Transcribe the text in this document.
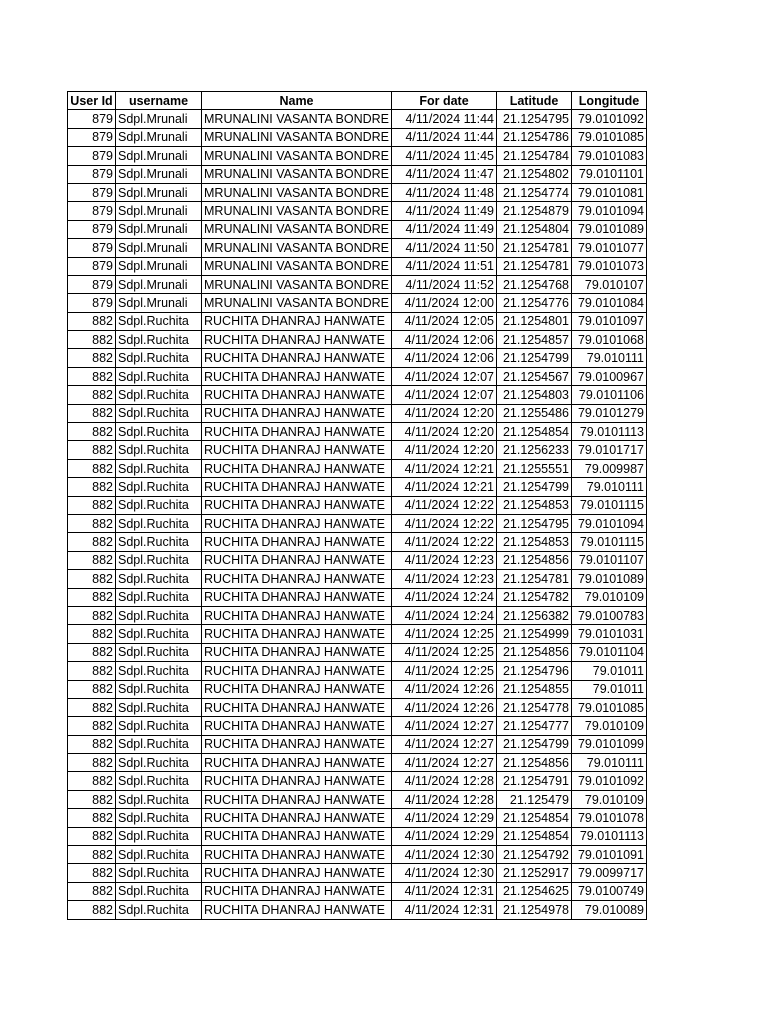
User Id	username	Name	For date	Latitude	Longitude
879	Sdpl.Mrunali	MRUNALINI VASANTA BONDRE	4/11/2024 11:44	21.1254795	79.0101092
879	Sdpl.Mrunali	MRUNALINI VASANTA BONDRE	4/11/2024 11:44	21.1254786	79.0101085
879	Sdpl.Mrunali	MRUNALINI VASANTA BONDRE	4/11/2024 11:45	21.1254784	79.0101083
879	Sdpl.Mrunali	MRUNALINI VASANTA BONDRE	4/11/2024 11:47	21.1254802	79.0101101
879	Sdpl.Mrunali	MRUNALINI VASANTA BONDRE	4/11/2024 11:48	21.1254774	79.0101081
879	Sdpl.Mrunali	MRUNALINI VASANTA BONDRE	4/11/2024 11:49	21.1254879	79.0101094
879	Sdpl.Mrunali	MRUNALINI VASANTA BONDRE	4/11/2024 11:49	21.1254804	79.0101089
879	Sdpl.Mrunali	MRUNALINI VASANTA BONDRE	4/11/2024 11:50	21.1254781	79.0101077
879	Sdpl.Mrunali	MRUNALINI VASANTA BONDRE	4/11/2024 11:51	21.1254781	79.0101073
879	Sdpl.Mrunali	MRUNALINI VASANTA BONDRE	4/11/2024 11:52	21.1254768	79.010107
879	Sdpl.Mrunali	MRUNALINI VASANTA BONDRE	4/11/2024 12:00	21.1254776	79.0101084
882	Sdpl.Ruchita	RUCHITA DHANRAJ HANWATE	4/11/2024 12:05	21.1254801	79.0101097
882	Sdpl.Ruchita	RUCHITA DHANRAJ HANWATE	4/11/2024 12:06	21.1254857	79.0101068
882	Sdpl.Ruchita	RUCHITA DHANRAJ HANWATE	4/11/2024 12:06	21.1254799	79.010111
882	Sdpl.Ruchita	RUCHITA DHANRAJ HANWATE	4/11/2024 12:07	21.1254567	79.0100967
882	Sdpl.Ruchita	RUCHITA DHANRAJ HANWATE	4/11/2024 12:07	21.1254803	79.0101106
882	Sdpl.Ruchita	RUCHITA DHANRAJ HANWATE	4/11/2024 12:20	21.1255486	79.0101279
882	Sdpl.Ruchita	RUCHITA DHANRAJ HANWATE	4/11/2024 12:20	21.1254854	79.0101113
882	Sdpl.Ruchita	RUCHITA DHANRAJ HANWATE	4/11/2024 12:20	21.1256233	79.0101717
882	Sdpl.Ruchita	RUCHITA DHANRAJ HANWATE	4/11/2024 12:21	21.1255551	79.009987
882	Sdpl.Ruchita	RUCHITA DHANRAJ HANWATE	4/11/2024 12:21	21.1254799	79.010111
882	Sdpl.Ruchita	RUCHITA DHANRAJ HANWATE	4/11/2024 12:22	21.1254853	79.0101115
882	Sdpl.Ruchita	RUCHITA DHANRAJ HANWATE	4/11/2024 12:22	21.1254795	79.0101094
882	Sdpl.Ruchita	RUCHITA DHANRAJ HANWATE	4/11/2024 12:22	21.1254853	79.0101115
882	Sdpl.Ruchita	RUCHITA DHANRAJ HANWATE	4/11/2024 12:23	21.1254856	79.0101107
882	Sdpl.Ruchita	RUCHITA DHANRAJ HANWATE	4/11/2024 12:23	21.1254781	79.0101089
882	Sdpl.Ruchita	RUCHITA DHANRAJ HANWATE	4/11/2024 12:24	21.1254782	79.010109
882	Sdpl.Ruchita	RUCHITA DHANRAJ HANWATE	4/11/2024 12:24	21.1256382	79.0100783
882	Sdpl.Ruchita	RUCHITA DHANRAJ HANWATE	4/11/2024 12:25	21.1254999	79.0101031
882	Sdpl.Ruchita	RUCHITA DHANRAJ HANWATE	4/11/2024 12:25	21.1254856	79.0101104
882	Sdpl.Ruchita	RUCHITA DHANRAJ HANWATE	4/11/2024 12:25	21.1254796	79.01011
882	Sdpl.Ruchita	RUCHITA DHANRAJ HANWATE	4/11/2024 12:26	21.1254855	79.01011
882	Sdpl.Ruchita	RUCHITA DHANRAJ HANWATE	4/11/2024 12:26	21.1254778	79.0101085
882	Sdpl.Ruchita	RUCHITA DHANRAJ HANWATE	4/11/2024 12:27	21.1254777	79.010109
882	Sdpl.Ruchita	RUCHITA DHANRAJ HANWATE	4/11/2024 12:27	21.1254799	79.0101099
882	Sdpl.Ruchita	RUCHITA DHANRAJ HANWATE	4/11/2024 12:27	21.1254856	79.010111
882	Sdpl.Ruchita	RUCHITA DHANRAJ HANWATE	4/11/2024 12:28	21.1254791	79.0101092
882	Sdpl.Ruchita	RUCHITA DHANRAJ HANWATE	4/11/2024 12:28	21.125479	79.010109
882	Sdpl.Ruchita	RUCHITA DHANRAJ HANWATE	4/11/2024 12:29	21.1254854	79.0101078
882	Sdpl.Ruchita	RUCHITA DHANRAJ HANWATE	4/11/2024 12:29	21.1254854	79.0101113
882	Sdpl.Ruchita	RUCHITA DHANRAJ HANWATE	4/11/2024 12:30	21.1254792	79.0101091
882	Sdpl.Ruchita	RUCHITA DHANRAJ HANWATE	4/11/2024 12:30	21.1252917	79.0099717
882	Sdpl.Ruchita	RUCHITA DHANRAJ HANWATE	4/11/2024 12:31	21.1254625	79.0100749
882	Sdpl.Ruchita	RUCHITA DHANRAJ HANWATE	4/11/2024 12:31	21.1254978	79.010089
